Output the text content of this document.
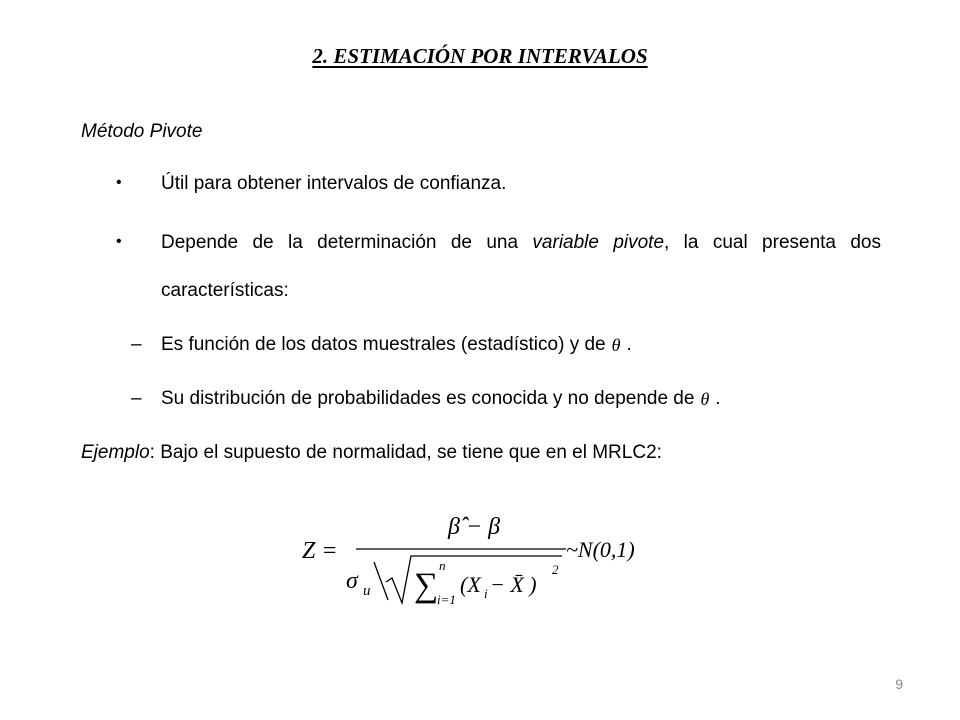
2. ESTIMACIÓN POR INTERVALOS
Método Pivote
• Útil para obtener intervalos de confianza.
• Depende de la determinación de una variable pivote, la cual presenta dos
características:
– Es función de los datos muestrales (estadístico) y de θ .
– Su distribución de probabilidades es conocida y no depende de θ .
Ejemplo: Bajo el supuesto de normalidad, se tiene que en el MRLC2:
Z =
β̂ − β
σ u ∑
n
i=1
(X i − X̄ )
2
~N(0,1)
9
